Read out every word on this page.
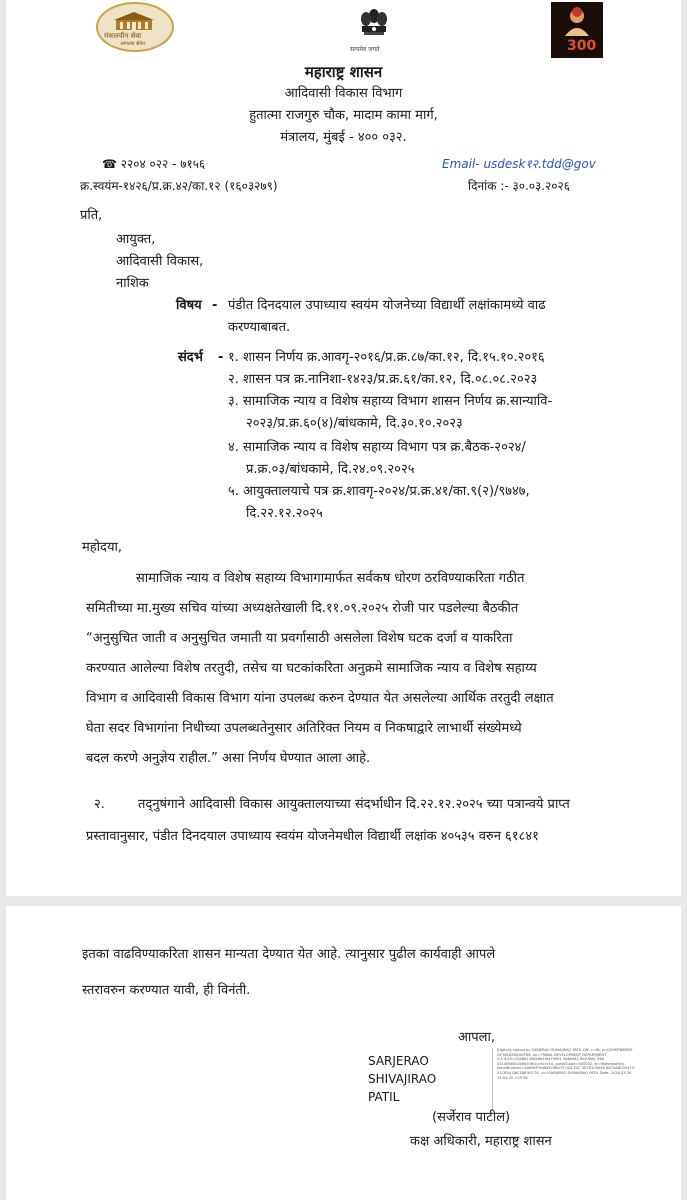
मंत्रालयीन सेवा
आपल्या सेवेत
सत्यमेव जयते	300
महाराष्ट्र शासन
आदिवासी विकास विभाग
हुतात्मा राजगुरु चौक, मादाम कामा मार्ग,
मंत्रालय, मुंबई - ४०० ०३२.
☎ २२०४ ०२२ - ७१५६	Email- usdesk१२.tdd@gov
क्र.स्वयंम-१४२६/प्र.क्र.४२/का.१२ (१६०३२७९)	दिनांक :- ३०.०३.२०२६
प्रति,
आयुक्त,
आदिवासी विकास,
नाशिक
विषय - पंडीत दिनदयाल उपाध्याय स्वयंम योजनेच्या विद्यार्थी लक्षांकामध्ये वाढ
करण्याबाबत.
संदर्भ - १. शासन निर्णय क्र.आवगृ-२०१६/प्र.क्र.८७/का.१२, दि.१५.१०.२०१६
२. शासन पत्र क्र.नानिशा-१४२३/प्र.क्र.६१/का.१२, दि.०८.०८.२०२३
३. सामाजिक न्याय व विशेष सहाय्य विभाग शासन निर्णय क्र.सान्यावि-
२०२३/प्र.क्र.६०(४)/बांधकामे, दि.३०.१०.२०२३
४. सामाजिक न्याय व विशेष सहाय्य विभाग पत्र क्र.बैठक-२०२४/
प्र.क्र.०३/बांधकामे, दि.२४.०९.२०२५
५. आयुक्तालयाचे पत्र क्र.शावगृ-२०२४/प्र.क्र.४१/का.९(२)/९७४७,
दि.२२.१२.२०२५
महोदया,
सामाजिक न्याय व विशेष सहाय्य विभागामार्फत सर्वकष धोरण ठरविण्याकरिता गठीत
समितीच्या मा.मुख्य सचिव यांच्या अध्यक्षतेखाली दि.११.०९.२०२५ रोजी पार पडलेल्या बैठकीत
“अनुसुचित जाती व अनुसुचित जमाती या प्रवर्गासाठी असलेला विशेष घटक दर्जा व याकरिता
करण्यात आलेल्या विशेष तरतुदी, तसेच या घटकांकरिता अनुक्रमे सामाजिक न्याय व विशेष सहाय्य
विभाग व आदिवासी विकास विभाग यांना उपलब्ध करुन देण्यात येत असलेल्या आर्थिक तरतुदी लक्षात
घेता सदर विभागांना निधीच्या उपलब्धतेनुसार अतिरिक्त नियम व निकषाद्वारे लाभार्थी संख्येमध्ये
बदल करणे अनुज्ञेय राहील.” असा निर्णय घेण्यात आला आहे.
२.	तद्नुषंगाने आदिवासी विकास आयुक्तालयाच्या संदर्भाधीन दि.२२.१२.२०२५ च्या पत्रान्वये प्राप्त
प्रस्तावानुसार, पंडीत दिनदयाल उपाध्याय स्वयंम योजनेमधील विद्यार्थी लक्षांक ४०५३५ वरुन ६१८४१
इतका वाढविण्याकरिता शासन मान्यता देण्यात येत आहे. त्यानुसार पुढील कार्यवाही आपले
स्तरावरुन करण्यात यावी, ही विनंती.
आपला,
SARJERAO
SHIVAJIRAO
PATIL
Digitally signed by SARJERAO SHIVAJIRAO PATIL DN: c=IN, o=GOVERNMENT OF MAHARASHTRA, ou=TRIBAL DEVELOPMENT DEPARTMENT, 2.5.4.20=22b6b1306b9b1fe479061 0b8e941 9b378e1 56d 03140665c2b60c0fe1cc5ccc1a, postalCode=400032, st=Maharashtra, serialNumber=AA89CF93AD925B079 02A E4C 36781C9045 8674A8C05473 51CB54 D6CD8F5EC7A, cn=SARJERAO SHIVAJIRAO PATIL Date: 2026.03.30 15:53:20 +05'30'
(सर्जेराव पाटील)
कक्ष अधिकारी, महाराष्ट्र शासन
